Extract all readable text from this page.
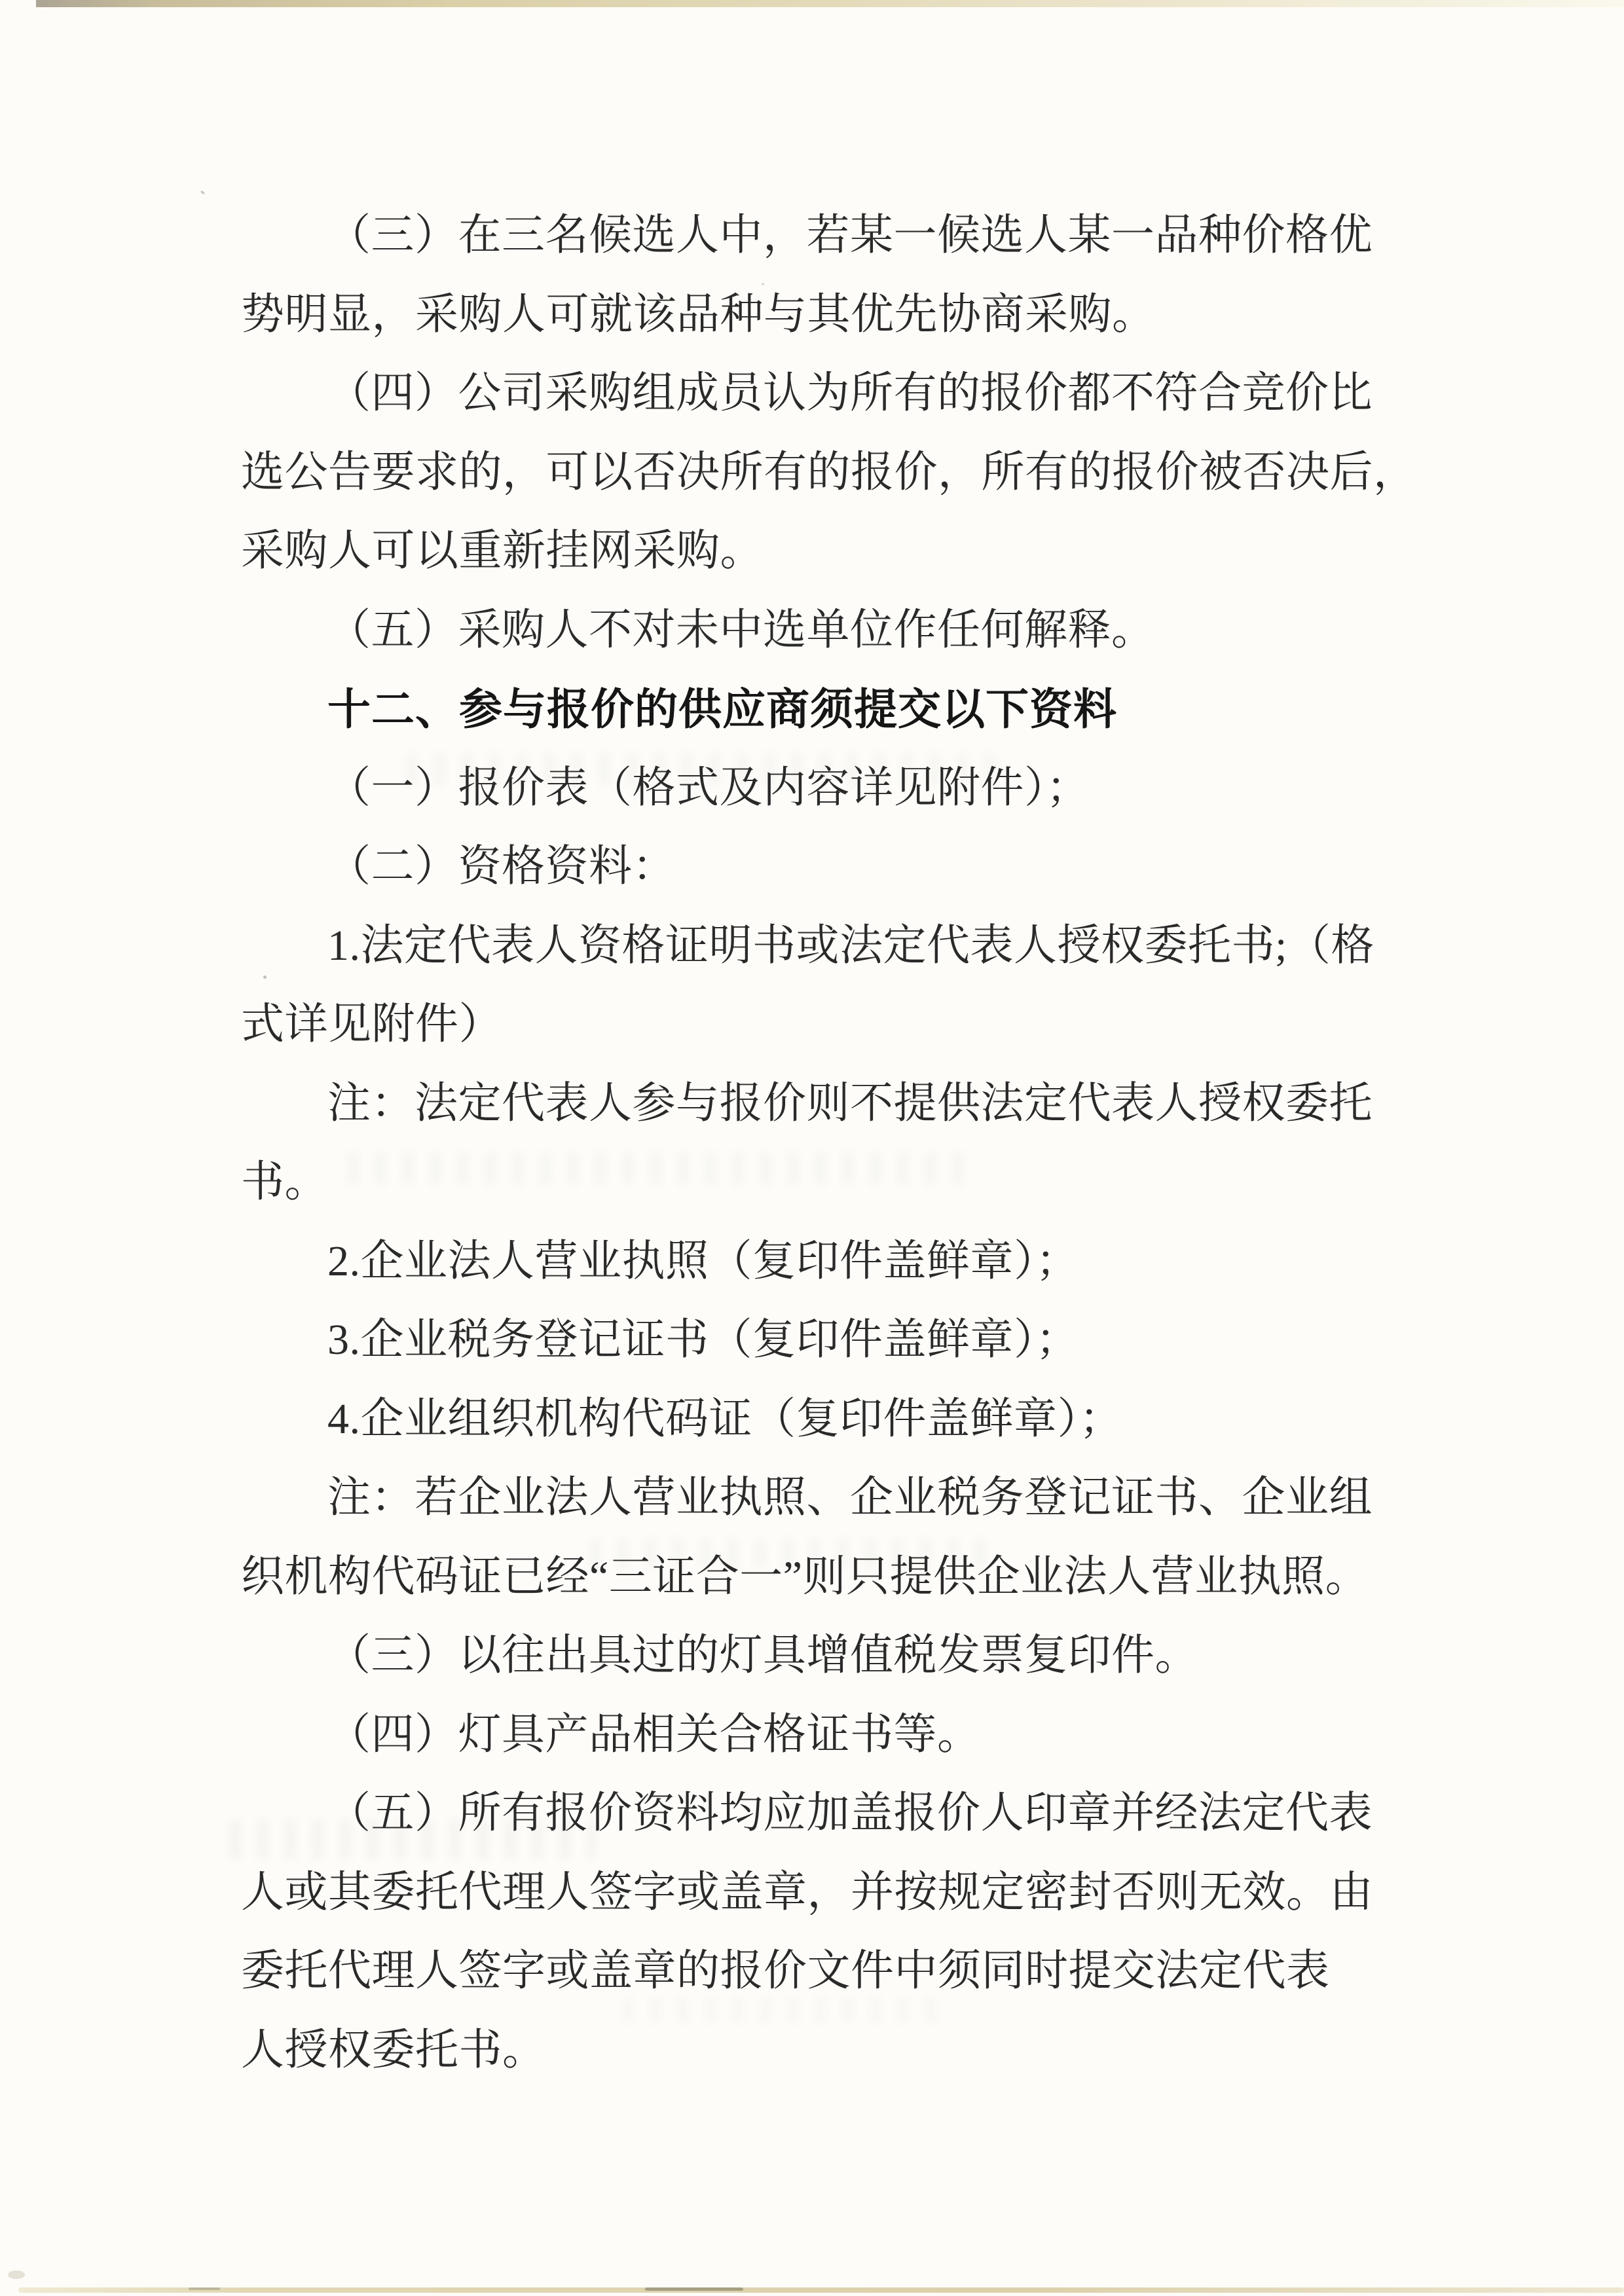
（三）在三名候选人中，若某一候选人某一品种价格优
势明显，采购人可就该品种与其优先协商采购。
（四）公司采购组成员认为所有的报价都不符合竞价比
选公告要求的，可以否决所有的报价，所有的报价被否决后，
采购人可以重新挂网采购。
（五）采购人不对未中选单位作任何解释。
十二、参与报价的供应商须提交以下资料
（一）报价表（格式及内容详见附件）；
（二）资格资料：
1.法定代表人资格证明书或法定代表人授权委托书;（格
式详见附件）
注：法定代表人参与报价则不提供法定代表人授权委托
书。
2.企业法人营业执照（复印件盖鲜章）；
3.企业税务登记证书（复印件盖鲜章）；
4.企业组织机构代码证（复印件盖鲜章）；
注：若企业法人营业执照、企业税务登记证书、企业组
织机构代码证已经“三证合一”则只提供企业法人营业执照。
（三）以往出具过的灯具增值税发票复印件。
（四）灯具产品相关合格证书等。
（五）所有报价资料均应加盖报价人印章并经法定代表
人或其委托代理人签字或盖章，并按规定密封否则无效。由
委托代理人签字或盖章的报价文件中须同时提交法定代表
人授权委托书。
